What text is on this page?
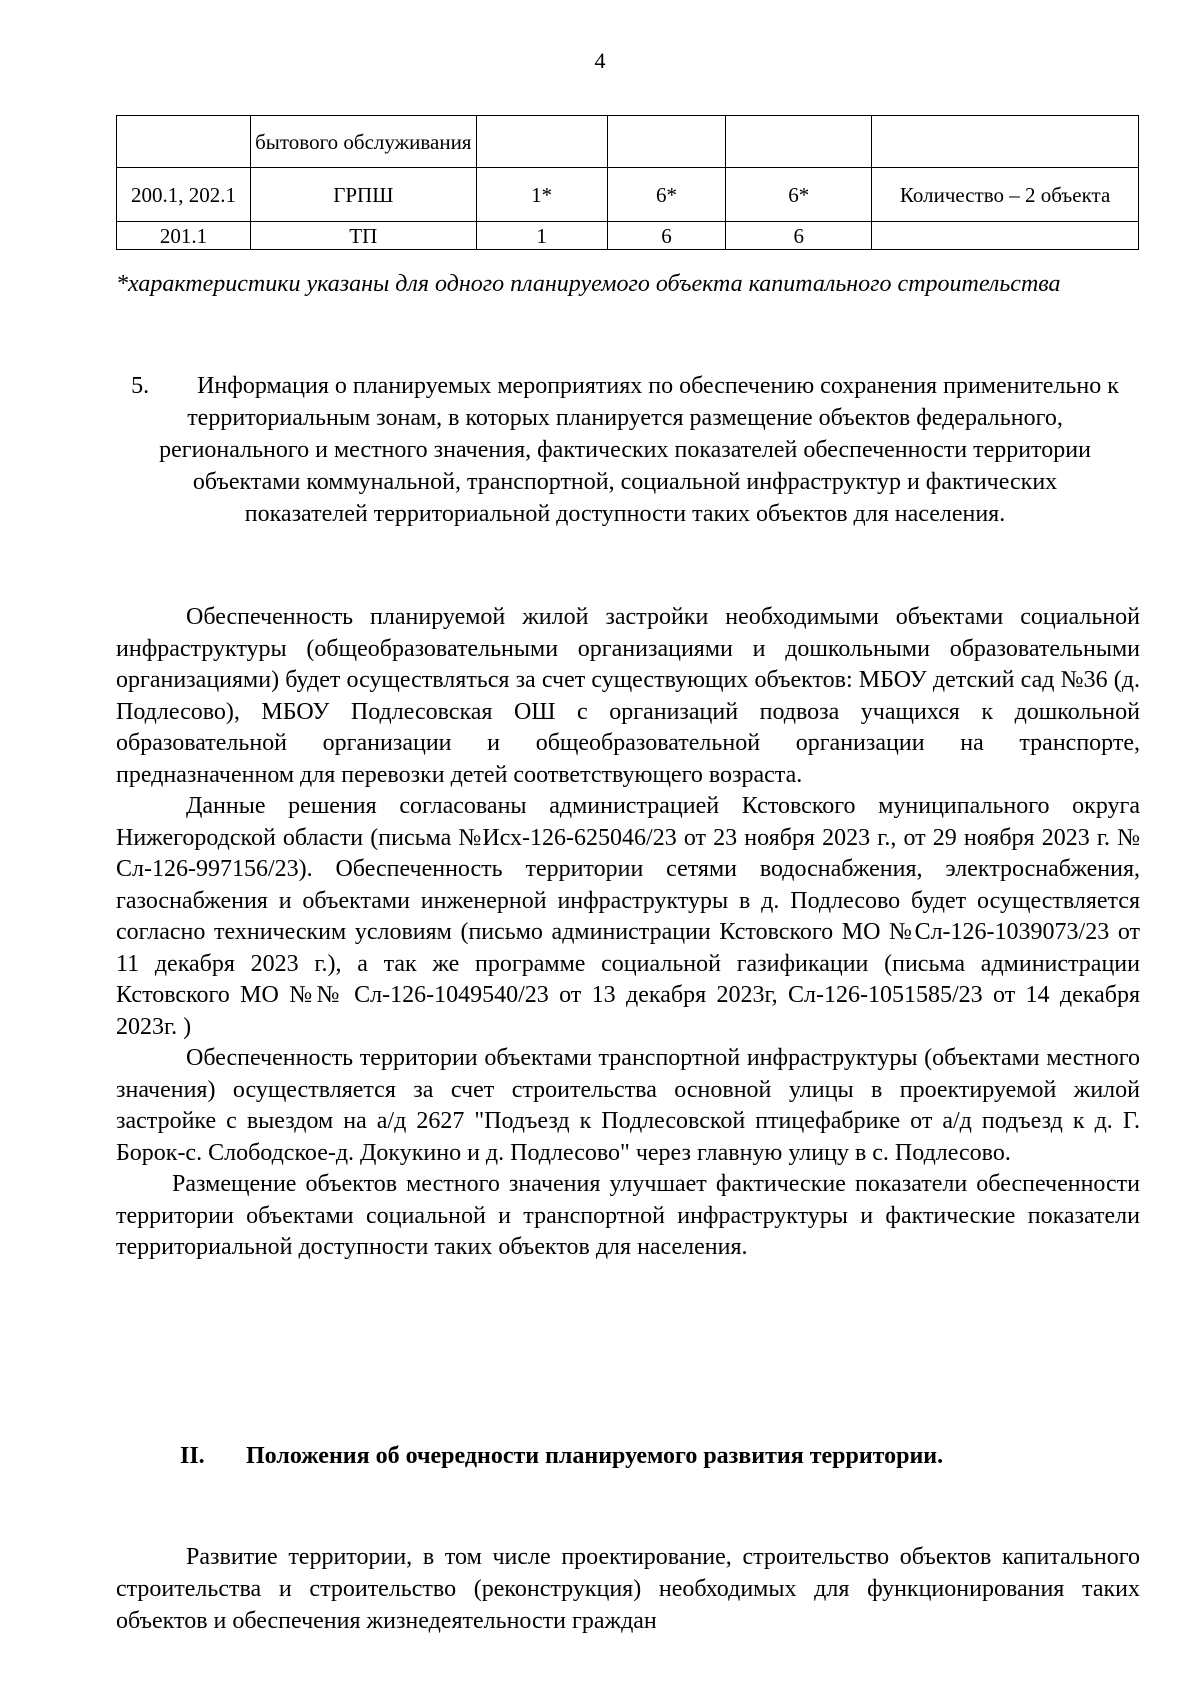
4
	бытового обслуживания				
200.1, 202.1	ГРПШ	1*	6*	6*	Количество – 2 объекта
201.1	ТП	1	6	6	
*характеристики указаны для одного планируемого объекта капитального строительства
5. Информация о планируемых мероприятиях по обеспечению сохранения применительно к территориальным зонам, в которых планируется размещение объектов федерального, регионального и местного значения, фактических показателей обеспеченности территории объектами коммунальной, транспортной, социальной инфраструктур и фактических показателей территориальной доступности таких объектов для населения.

Обеспеченность планируемой жилой застройки необходимыми объектами социальной инфраструктуры (общеобразовательными организациями и дошкольными образовательными организациями) будет осуществляться за счет существующих объектов: МБОУ детский сад №36 (д. Подлесово), МБОУ Подлесовская ОШ с организаций подвоза учащихся к дошкольной образовательной организации и общеобразовательной организации на транспорте, предназначенном для перевозки детей соответствующего возраста.

Данные решения согласованы администрацией Кстовского муниципального округа Нижегородской области (письма №Исх-126-625046/23 от 23 ноября 2023 г., от 29 ноября 2023 г. № Сл-126-997156/23). Обеспеченность территории сетями водоснабжения, электроснабжения, газоснабжения и объектами инженерной инфраструктуры в д. Подлесово будет осуществляется согласно техническим условиям (письмо администрации Кстовского МО №Сл-126-1039073/23 от 11 декабря 2023 г.), а так же программе социальной газификации (письма администрации Кстовского МО №№ Сл-126-1049540/23 от 13 декабря 2023г, Сл-126-1051585/23 от 14 декабря 2023г. )

Обеспеченность территории объектами транспортной инфраструктуры (объектами местного значения) осуществляется за счет строительства основной улицы в проектируемой жилой застройке с выездом на а/д 2627 "Подъезд к Подлесовской птицефабрике от а/д подъезд к д. Г. Борок-с. Слободское-д. Докукино и д. Подлесово" через главную улицу в с. Подлесово.

Размещение объектов местного значения улучшает фактические показатели обеспеченности территории объектами социальной и транспортной инфраструктуры и фактические показатели территориальной доступности таких объектов для населения.

II. Положения об очередности планируемого развития территории.

Развитие территории, в том числе проектирование, строительство объектов капитального строительства и строительство (реконструкция) необходимых для функционирования таких объектов и обеспечения жизнедеятельности граждан
